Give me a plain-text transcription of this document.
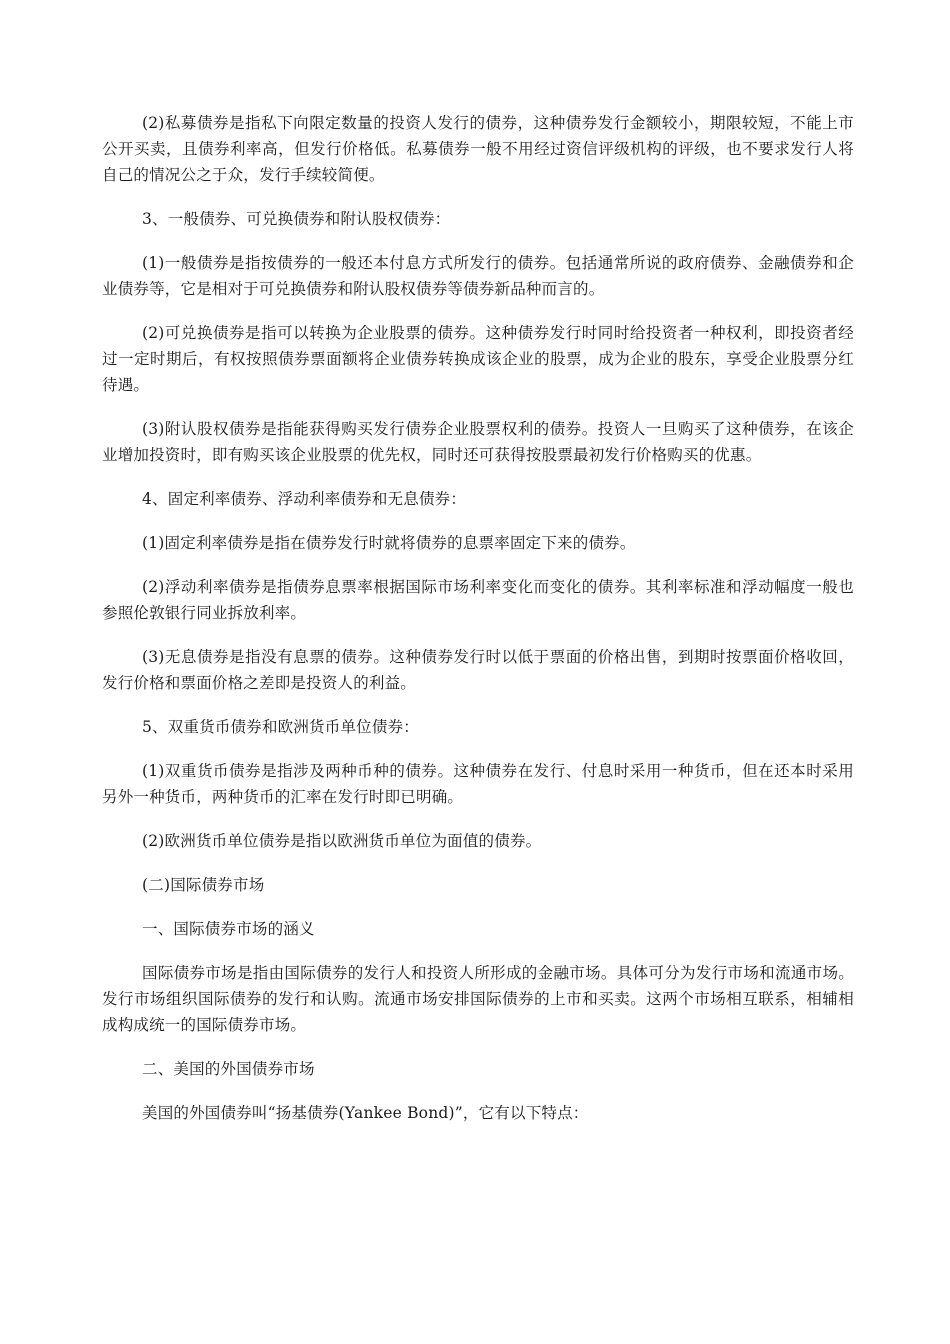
(2)私募债券是指私下向限定数量的投资人发行的债券，这种债券发行金额较小，期限较短，不能上市公开买卖，且债券利率高，但发行价格低。私募债券一般不用经过资信评级机构的评级，也不要求发行人将自己的情况公之于众，发行手续较简便。

3、一般债券、可兑换债券和附认股权债券：

(1)一般债券是指按债券的一般还本付息方式所发行的债券。包括通常所说的政府债券、金融债券和企业债券等，它是相对于可兑换债券和附认股权债券等债券新品种而言的。

(2)可兑换债券是指可以转换为企业股票的债券。这种债券发行时同时给投资者一种权利，即投资者经过一定时期后，有权按照债券票面额将企业债券转换成该企业的股票，成为企业的股东，享受企业股票分红待遇。

(3)附认股权债券是指能获得购买发行债券企业股票权利的债券。投资人一旦购买了这种债券，在该企业增加投资时，即有购买该企业股票的优先权，同时还可获得按股票最初发行价格购买的优惠。

4、固定利率债券、浮动利率债券和无息债券：

(1)固定利率债券是指在债券发行时就将债券的息票率固定下来的债券。

(2)浮动利率债券是指债券息票率根据国际市场利率变化而变化的债券。其利率标准和浮动幅度一般也参照伦敦银行同业拆放利率。

(3)无息债券是指没有息票的债券。这种债券发行时以低于票面的价格出售，到期时按票面价格收回，发行价格和票面价格之差即是投资人的利益。

5、双重货币债券和欧洲货币单位债券：

(1)双重货币债券是指涉及两种币种的债券。这种债券在发行、付息时采用一种货币，但在还本时采用另外一种货币，两种货币的汇率在发行时即已明确。

(2)欧洲货币单位债券是指以欧洲货币单位为面值的债券。

(二)国际债券市场

一、国际债券市场的涵义

国际债券市场是指由国际债券的发行人和投资人所形成的金融市场。具体可分为发行市场和流通市场。发行市场组织国际债券的发行和认购。流通市场安排国际债券的上市和买卖。这两个市场相互联系，相辅相成构成统一的国际债券市场。

二、美国的外国债券市场

美国的外国债券叫“扬基债券(Yankee Bond)”，它有以下特点：
